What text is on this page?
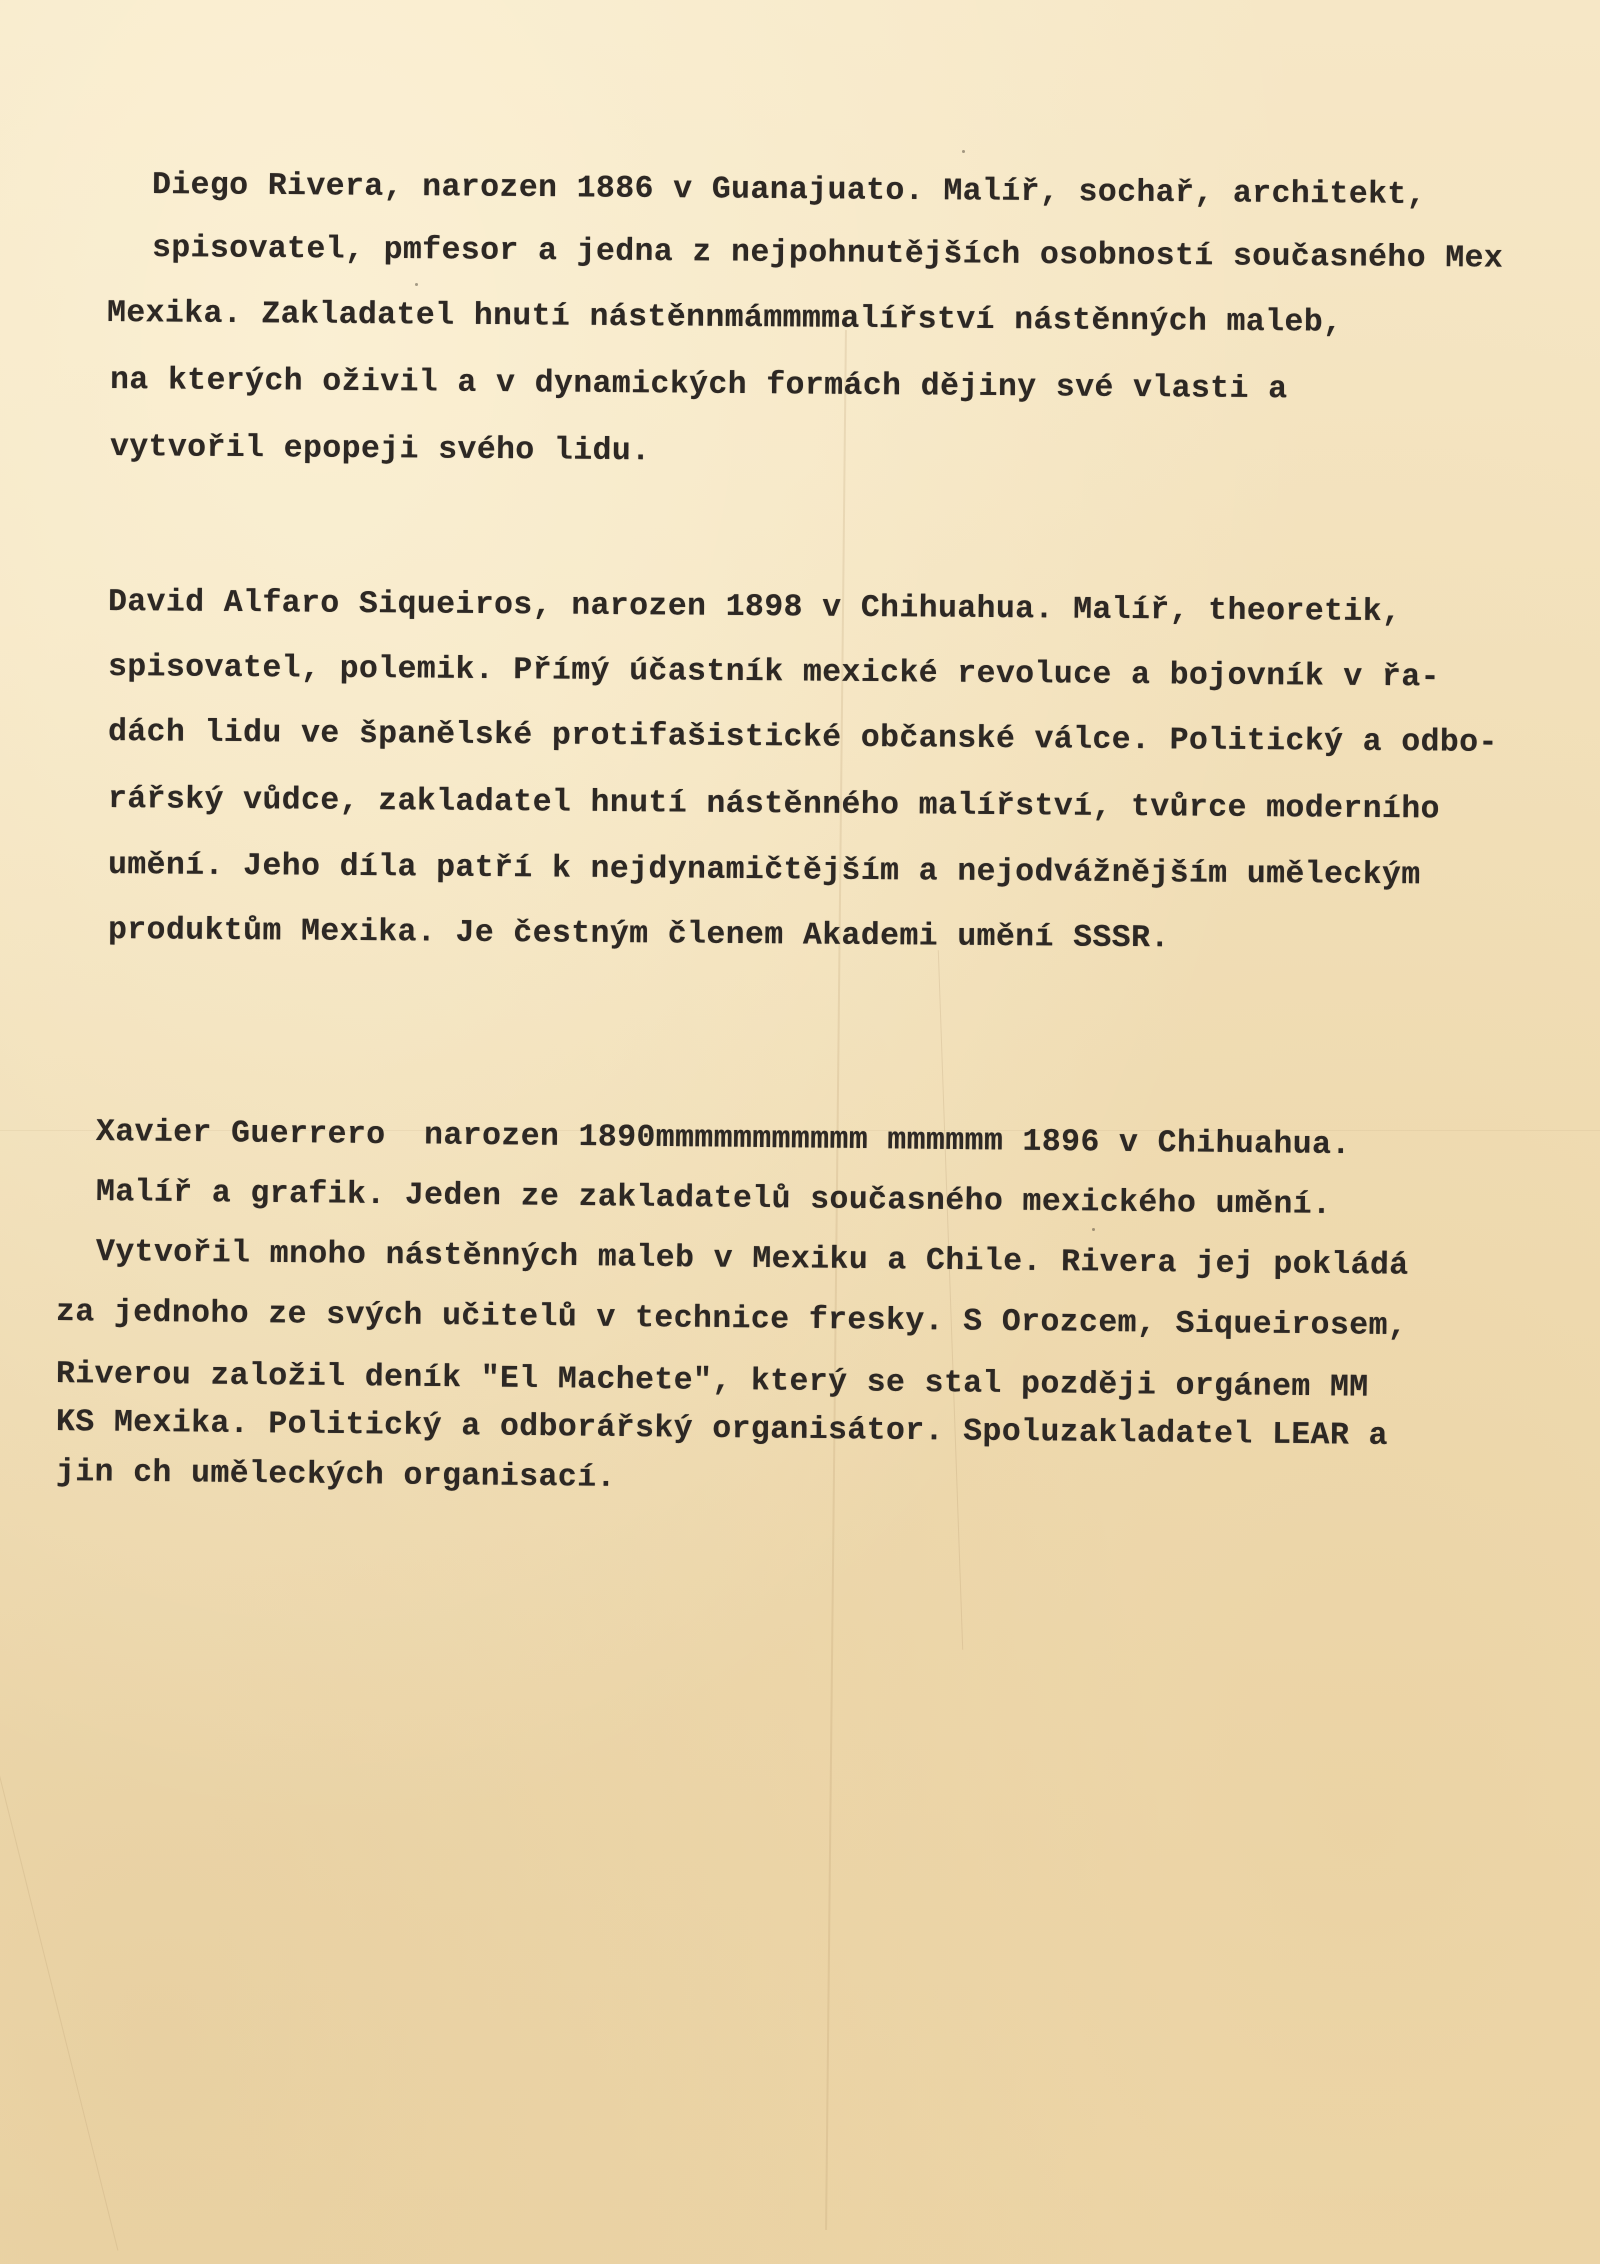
Diego Rivera, narozen 1886 v Guanajuato. Malíř, sochař, architekt,
spisovatel, pmfesor a jedna z nejpohnutějších osobností současného Mex
Mexika. Zakladatel hnutí nástěnnmámmmmalířství nástěnných maleb,
na kterých oživil a v dynamických formách dějiny své vlasti a
vytvořil epopeji svého lidu.
David Alfaro Siqueiros, narozen 1898 v Chihuahua. Malíř, theoretik,
spisovatel, polemik. Přímý účastník mexické revoluce a bojovník v řa-
dách lidu ve španělské protifašistické občanské válce. Politický a odbo-
rářský vůdce, zakladatel hnutí nástěnného malířství, tvůrce moderního
umění. Jeho díla patří k nejdynamičtějším a nejodvážnějším uměleckým
produktům Mexika. Je čestným členem Akademi umění SSSR.
Xavier Guerrero  narozen 1890mmmmmmmmmmm mmmmmm 1896 v Chihuahua.
Malíř a grafik. Jeden ze zakladatelů současného mexického umění.
Vytvořil mnoho nástěnných maleb v Mexiku a Chile. Rivera jej pokládá
za jednoho ze svých učitelů v technice fresky. S Orozcem, Siqueirosem,
Riverou založil deník "El Machete", který se stal později orgánem MM
KS Mexika. Politický a odborářský organisátor. Spoluzakladatel LEAR a
jin ch uměleckých organisací.
